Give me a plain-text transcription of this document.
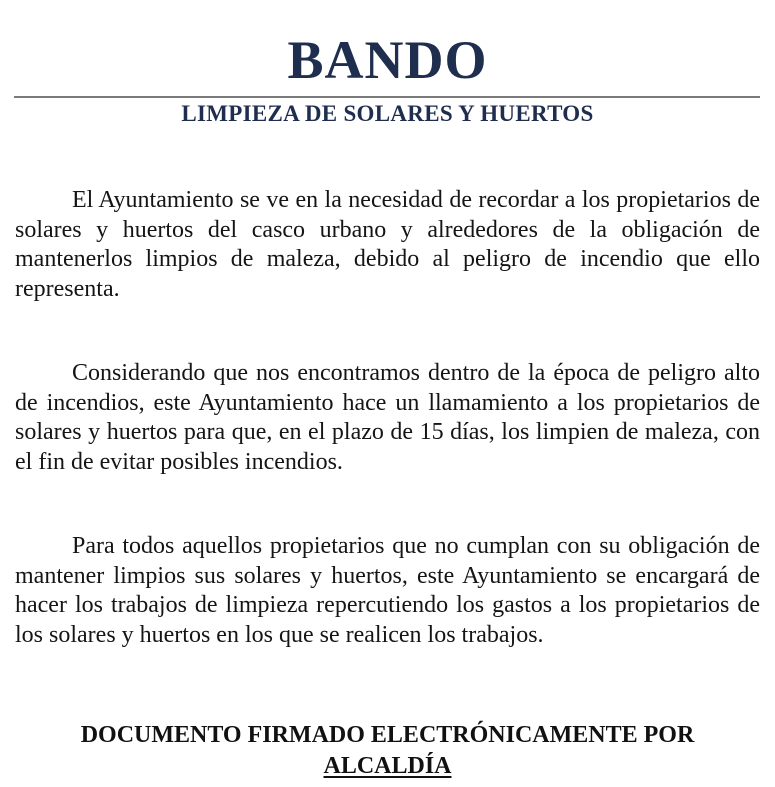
BANDO
LIMPIEZA DE SOLARES Y HUERTOS

El Ayuntamiento se ve en la necesidad de recordar a los propietarios de solares y huertos del casco urbano y alrededores de la obligación de mantenerlos limpios de maleza, debido al peligro de incendio que ello representa.

Considerando que nos encontramos dentro de la época de peligro alto de incendios, este Ayuntamiento hace un llamamiento a los propietarios de solares y huertos para que, en el plazo de 15 días, los limpien de maleza, con el fin de evitar posibles incendios.

Para todos aquellos propietarios que no cumplan con su obligación de mantener limpios sus solares y huertos, este Ayuntamiento se encargará de hacer los trabajos de limpieza repercutiendo los gastos a los propietarios de los solares y huertos en los que se realicen los trabajos.

DOCUMENTO FIRMADO ELECTRÓNICAMENTE POR
ALCALDÍA
